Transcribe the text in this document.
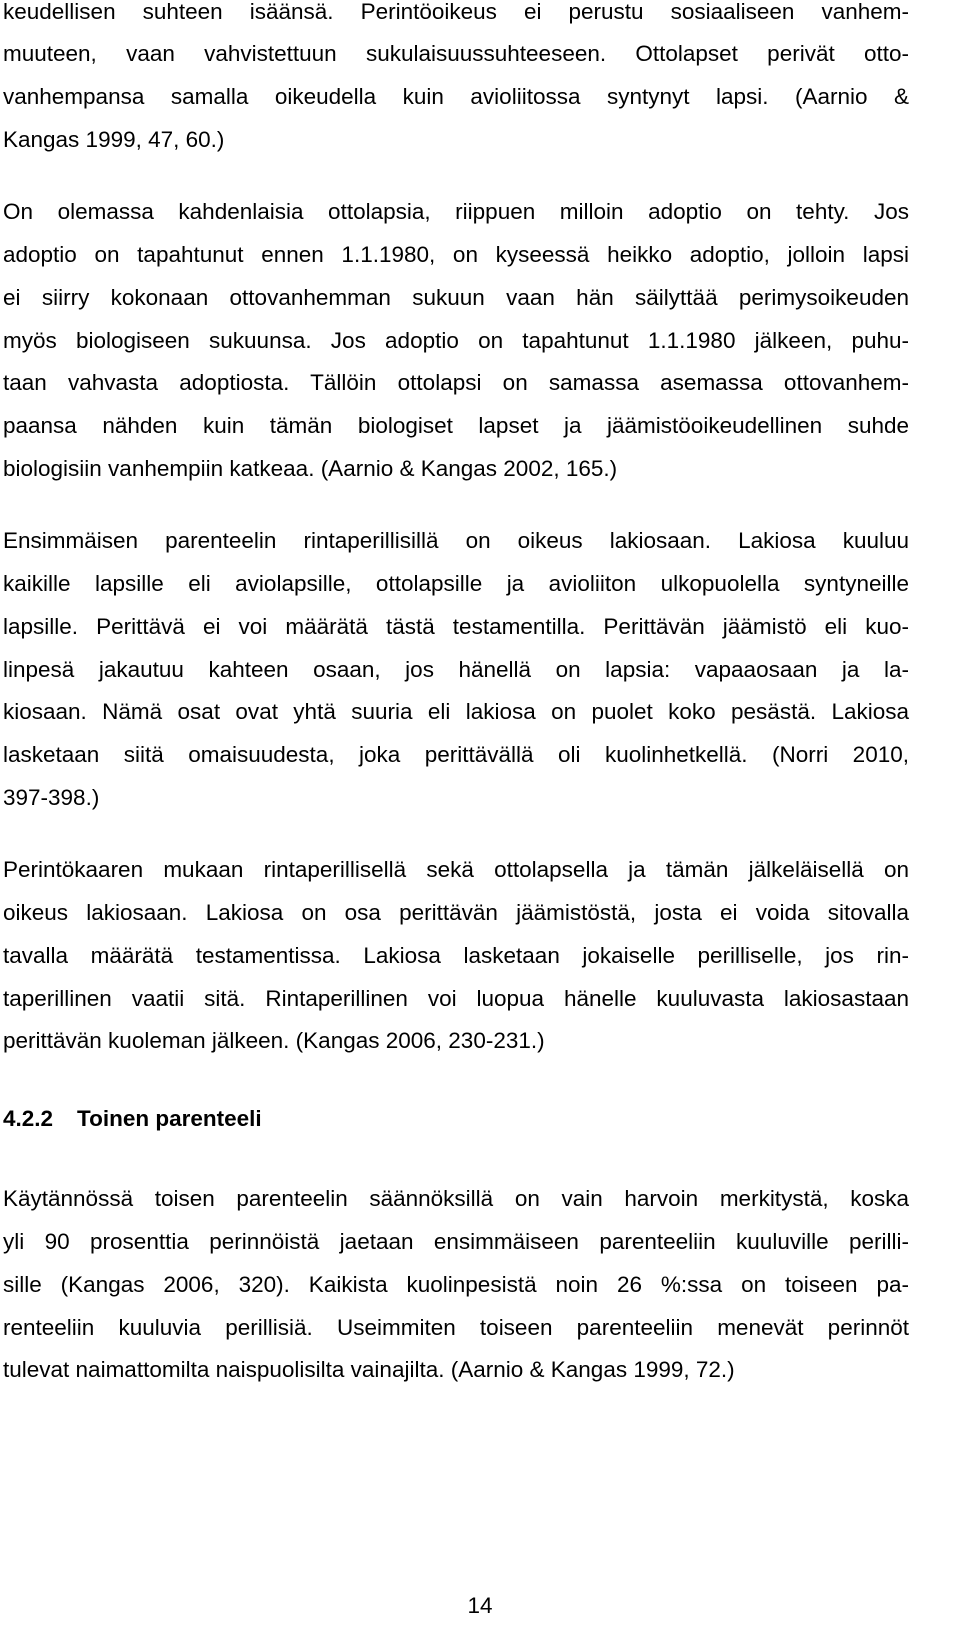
keudellisen suhteen isäänsä. Perintöoikeus ei perustu sosiaaliseen vanhem-
muuteen, vaan vahvistettuun sukulaisuussuhteeseen. Ottolapset perivät otto-
vanhempansa samalla oikeudella kuin avioliitossa syntynyt lapsi. (Aarnio &
Kangas 1999, 47, 60.)
On olemassa kahdenlaisia ottolapsia, riippuen milloin adoptio on tehty. Jos
adoptio on tapahtunut ennen 1.1.1980, on kyseessä heikko adoptio, jolloin lapsi
ei siirry kokonaan ottovanhemman sukuun vaan hän säilyttää perimysoikeuden
myös biologiseen sukuunsa. Jos adoptio on tapahtunut 1.1.1980 jälkeen, puhu-
taan vahvasta adoptiosta. Tällöin ottolapsi on samassa asemassa ottovanhem-
paansa nähden kuin tämän biologiset lapset ja jäämistöoikeudellinen suhde
biologisiin vanhempiin katkeaa. (Aarnio & Kangas 2002, 165.)
Ensimmäisen parenteelin rintaperillisillä on oikeus lakiosaan. Lakiosa kuuluu
kaikille lapsille eli aviolapsille, ottolapsille ja avioliiton ulkopuolella syntyneille
lapsille. Perittävä ei voi määrätä tästä testamentilla. Perittävän jäämistö eli kuo-
linpesä jakautuu kahteen osaan, jos hänellä on lapsia: vapaaosaan ja la-
kiosaan. Nämä osat ovat yhtä suuria eli lakiosa on puolet koko pesästä. Lakiosa
lasketaan siitä omaisuudesta, joka perittävällä oli kuolinhetkellä. (Norri 2010,
397-398.)
Perintökaaren mukaan rintaperillisellä sekä ottolapsella ja tämän jälkeläisellä on
oikeus lakiosaan. Lakiosa on osa perittävän jäämistöstä, josta ei voida sitovalla
tavalla määrätä testamentissa. Lakiosa lasketaan jokaiselle perilliselle, jos rin-
taperillinen vaatii sitä. Rintaperillinen voi luopua hänelle kuuluvasta lakiosastaan
perittävän kuoleman jälkeen. (Kangas 2006, 230-231.)
4.2.2 Toinen parenteeli
Käytännössä toisen parenteelin säännöksillä on vain harvoin merkitystä, koska
yli 90 prosenttia perinnöistä jaetaan ensimmäiseen parenteeliin kuuluville perilli-
sille (Kangas 2006, 320). Kaikista kuolinpesistä noin 26 %:ssa on toiseen pa-
renteeliin kuuluvia perillisiä. Useimmiten toiseen parenteeliin menevät perinnöt
tulevat naimattomilta naispuolisilta vainajilta. (Aarnio & Kangas 1999, 72.)
14
